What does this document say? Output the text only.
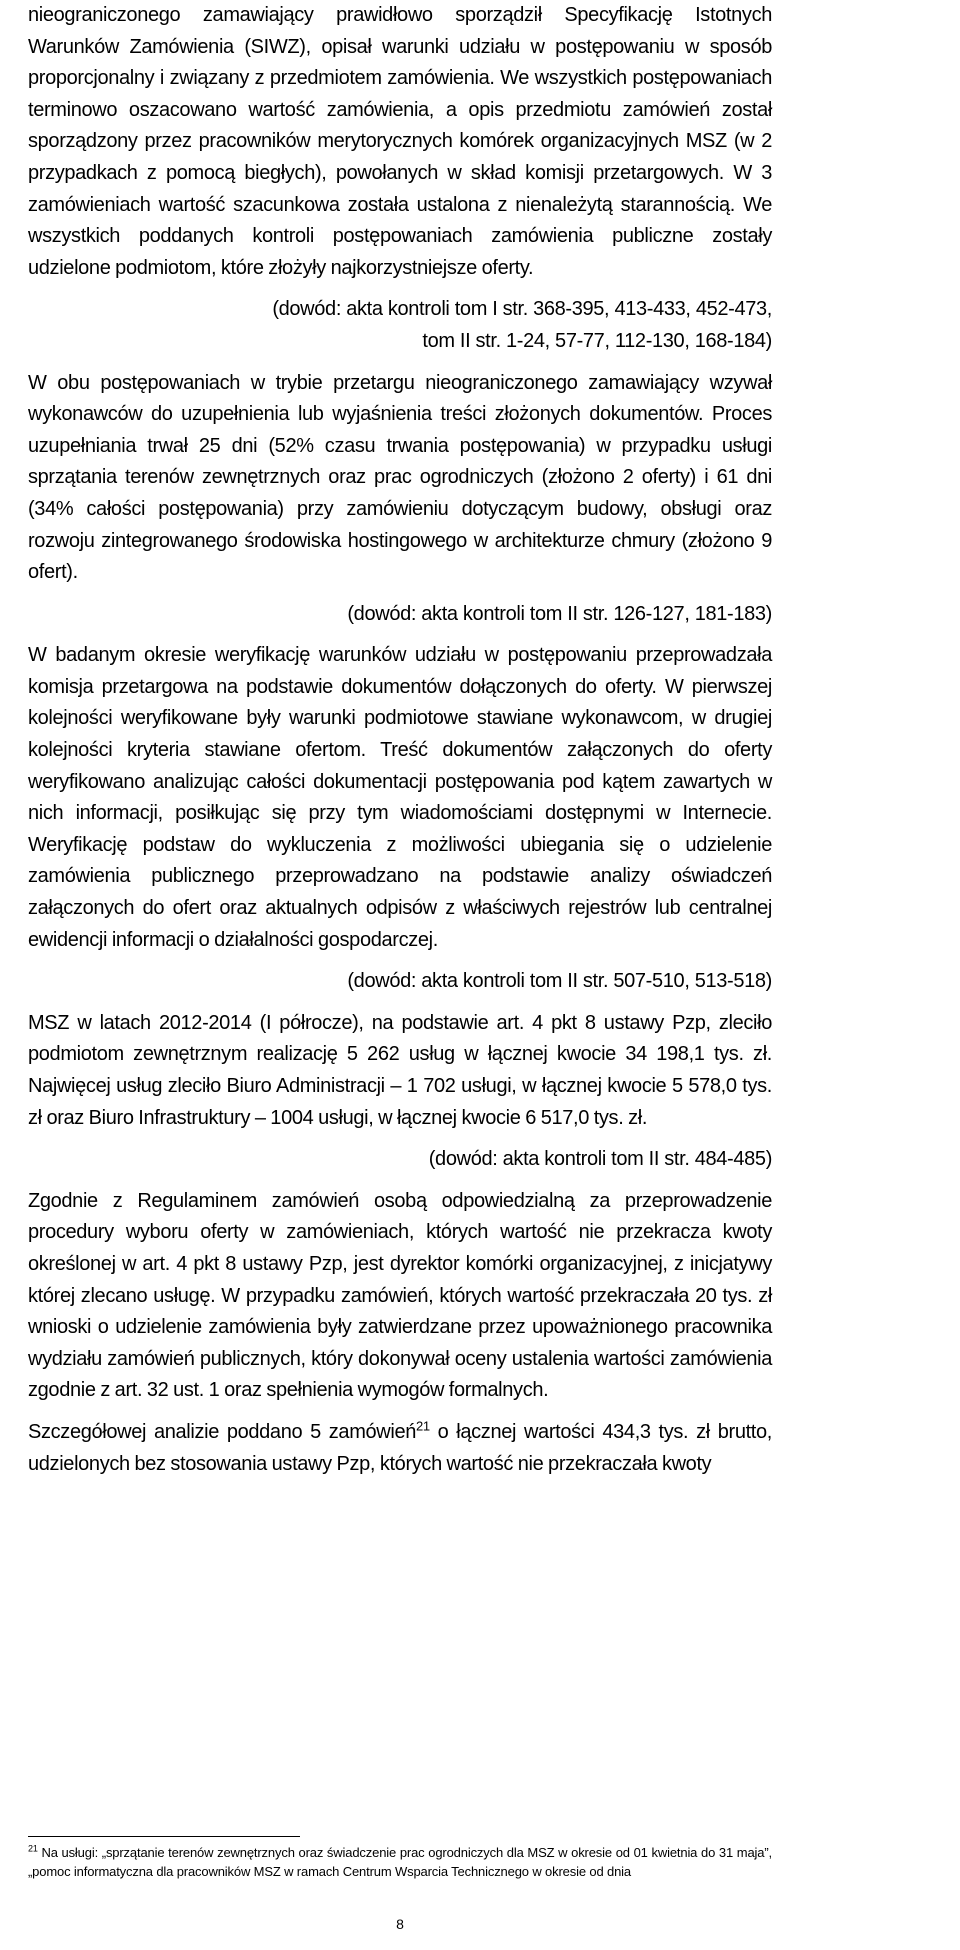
nieograniczonego zamawiający prawidłowo sporządził Specyfikację Istotnych Warunków Zamówienia (SIWZ), opisał warunki udziału w postępowaniu w sposób proporcjonalny i związany z przedmiotem zamówienia. We wszystkich postępowaniach terminowo oszacowano wartość zamówienia, a opis przedmiotu zamówień został sporządzony przez pracowników merytorycznych komórek organizacyjnych MSZ (w 2 przypadkach z pomocą biegłych), powołanych w skład komisji przetargowych. W 3 zamówieniach wartość szacunkowa została ustalona z nienależytą starannością. We wszystkich poddanych kontroli postępowaniach zamówienia publiczne zostały udzielone podmiotom, które złożyły najkorzystniejsze oferty.

(dowód: akta kontroli tom I str. 368-395, 413-433, 452-473,
tom II str. 1-24, 57-77, 112-130, 168-184)

W obu postępowaniach w trybie przetargu nieograniczonego zamawiający wzywał wykonawców do uzupełnienia lub wyjaśnienia treści złożonych dokumentów. Proces uzupełniania trwał 25 dni (52% czasu trwania postępowania) w przypadku usługi sprzątania terenów zewnętrznych oraz prac ogrodniczych (złożono 2 oferty) i 61 dni (34% całości postępowania) przy zamówieniu dotyczącym budowy, obsługi oraz rozwoju zintegrowanego środowiska hostingowego w architekturze chmury (złożono 9 ofert).

(dowód: akta kontroli tom II str. 126-127, 181-183)

W badanym okresie weryfikację warunków udziału w postępowaniu przeprowadzała komisja przetargowa na podstawie dokumentów dołączonych do oferty. W pierwszej kolejności weryfikowane były warunki podmiotowe stawiane wykonawcom, w drugiej kolejności kryteria stawiane ofertom. Treść dokumentów załączonych do oferty weryfikowano analizując całości dokumentacji postępowania pod kątem zawartych w nich informacji, posiłkując się przy tym wiadomościami dostępnymi w Internecie. Weryfikację podstaw do wykluczenia z możliwości ubiegania się o udzielenie zamówienia publicznego przeprowadzano na podstawie analizy oświadczeń załączonych do ofert oraz aktualnych odpisów z właściwych rejestrów lub centralnej ewidencji informacji o działalności gospodarczej.

(dowód: akta kontroli tom II str. 507-510, 513-518)

MSZ w latach 2012-2014 (I półrocze), na podstawie art. 4 pkt 8 ustawy Pzp, zleciło podmiotom zewnętrznym realizację 5 262 usług w łącznej kwocie 34 198,1 tys. zł. Najwięcej usług zleciło Biuro Administracji – 1 702 usługi, w łącznej kwocie 5 578,0 tys. zł oraz Biuro Infrastruktury – 1004 usługi, w łącznej kwocie 6 517,0 tys. zł.

(dowód: akta kontroli tom II str. 484-485)

Zgodnie z Regulaminem zamówień osobą odpowiedzialną za przeprowadzenie procedury wyboru oferty w zamówieniach, których wartość nie przekracza kwoty określonej w art. 4 pkt 8 ustawy Pzp, jest dyrektor komórki organizacyjnej, z inicjatywy której zlecano usługę. W przypadku zamówień, których wartość przekraczała 20 tys. zł wnioski o udzielenie zamówienia były zatwierdzane przez upoważnionego pracownika wydziału zamówień publicznych, który dokonywał oceny ustalenia wartości zamówienia zgodnie z art. 32 ust. 1 oraz spełnienia wymogów formalnych.

Szczegółowej analizie poddano 5 zamówień$^{21}$ o łącznej wartości 434,3 tys. zł brutto, udzielonych bez stosowania ustawy Pzp, których wartość nie przekraczała kwoty

$^{21}$ Na usługi: „sprzątanie terenów zewnętrznych oraz świadczenie prac ogrodniczych dla MSZ w okresie od 01 kwietnia do 31 maja”, „pomoc informatyczna dla pracowników MSZ w ramach Centrum Wsparcia Technicznego w okresie od dnia

8
